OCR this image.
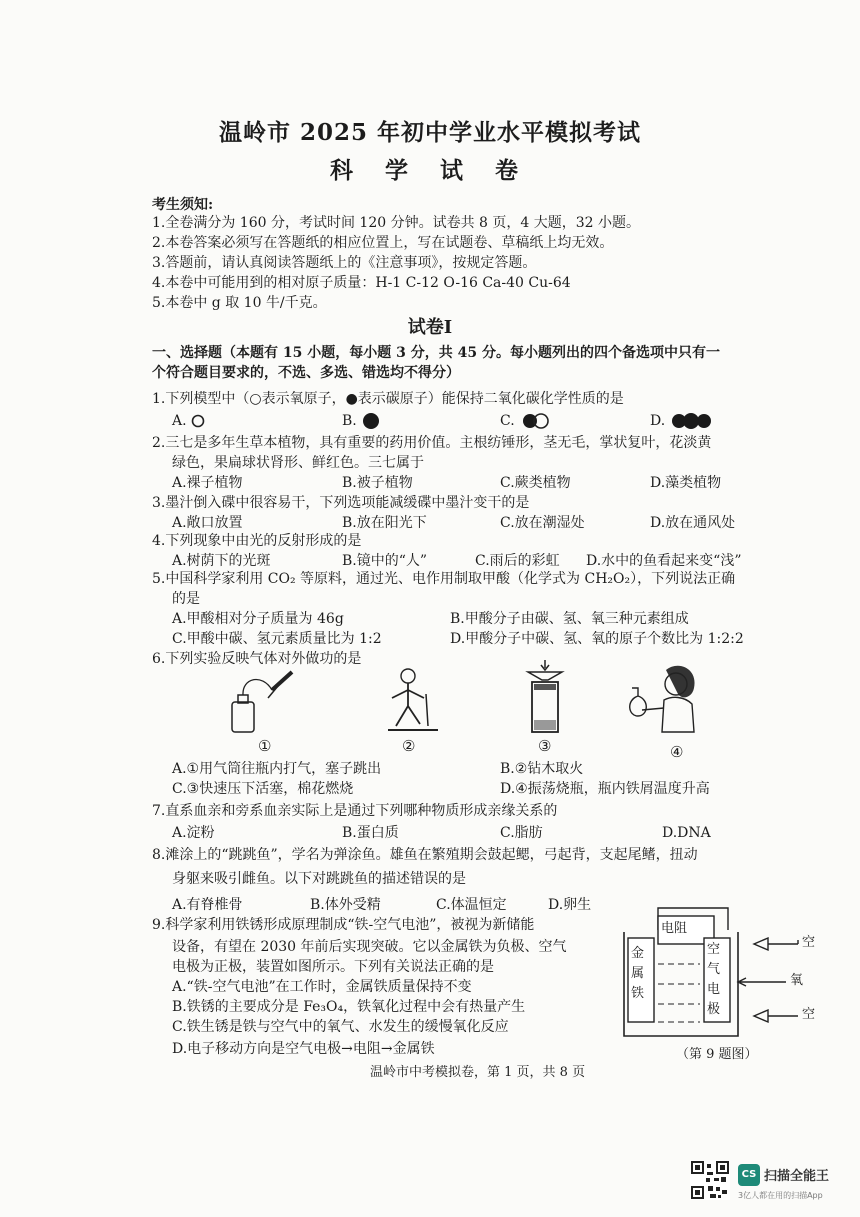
温岭市 2025 年初中学业水平模拟考试
科 学 试 卷
考生须知:
1.全卷满分为 160 分，考试时间 120 分钟。试卷共 8 页，4 大题，32 小题。
2.本卷答案必须写在答题纸的相应位置上，写在试题卷、草稿纸上均无效。
3.答题前，请认真阅读答题纸上的《注意事项》，按规定答题。
4.本卷中可能用到的相对原子质量：H-1 C-12 O-16 Ca-40 Cu-64
5.本卷中 g 取 10 牛/千克。
试卷Ⅰ
一、选择题（本题有 15 小题，每小题 3 分，共 45 分。每小题列出的四个备选项中只有一
个符合题目要求的，不选、多选、错选均不得分）
1.下列模型中（○表示氧原子，●表示碳原子）能保持二氧化碳化学性质的是
A.	B.	C.	D.
2.三七是多年生草本植物，具有重要的药用价值。主根纺锤形，茎无毛，掌状复叶，花淡黄
绿色，果扁球状肾形、鲜红色。三七属于
A.裸子植物	B.被子植物	C.蕨类植物	D.藻类植物
3.墨汁倒入碟中很容易干，下列选项能减缓碟中墨汁变干的是
A.敞口放置	B.放在阳光下	C.放在潮湿处	D.放在通风处
4.下列现象中由光的反射形成的是
A.树荫下的光斑	B.镜中的“人”	C.雨后的彩虹 D.水中的鱼看起来变“浅”
5.中国科学家利用 CO₂ 等原料，通过光、电作用制取甲酸（化学式为 CH₂O₂），下列说法正确
的是
A.甲酸相对分子质量为 46g	B.甲酸分子由碳、氢、氧三种元素组成
C.甲酸中碳、氢元素质量比为 1:2	D.甲酸分子中碳、氢、氧的原子个数比为 1:2:2
6.下列实验反映气体对外做功的是
①	②	③	④
A.①用气筒往瓶内打气，塞子跳出	B.②钻木取火
C.③快速压下活塞，棉花燃烧	D.④振荡烧瓶，瓶内铁屑温度升高
7.直系血亲和旁系血亲实际上是通过下列哪种物质形成亲缘关系的
A.淀粉	B.蛋白质	C.脂肪	D.DNA
8.滩涂上的“跳跳鱼”，学名为弹涂鱼。雄鱼在繁殖期会鼓起鳃，弓起背，支起尾鳍，扭动
身躯来吸引雌鱼。以下对跳跳鱼的描述错误的是
A.有脊椎骨	B.体外受精	C.体温恒定	D.卵生
9.科学家利用铁锈形成原理制成“铁-空气电池”，被视为新储能
设备，有望在 2030 年前后实现突破。它以金属铁为负极、空气
电极为正极，装置如图所示。下列有关说法正确的是
A.“铁-空气电池”在工作时，金属铁质量保持不变
B.铁锈的主要成分是 Fe₃O₄，铁氧化过程中会有热量产生
C.铁生锈是铁与空气中的氧气、水发生的缓慢氧化反应
D.电子移动方向是空气电极→电阻→金属铁
电阻
金属铁
空气电极
空
氧
空
（第 9 题图）
温岭市中考模拟卷，第 1 页，共 8 页
CS 扫描全能王
3亿人都在用的扫描App
